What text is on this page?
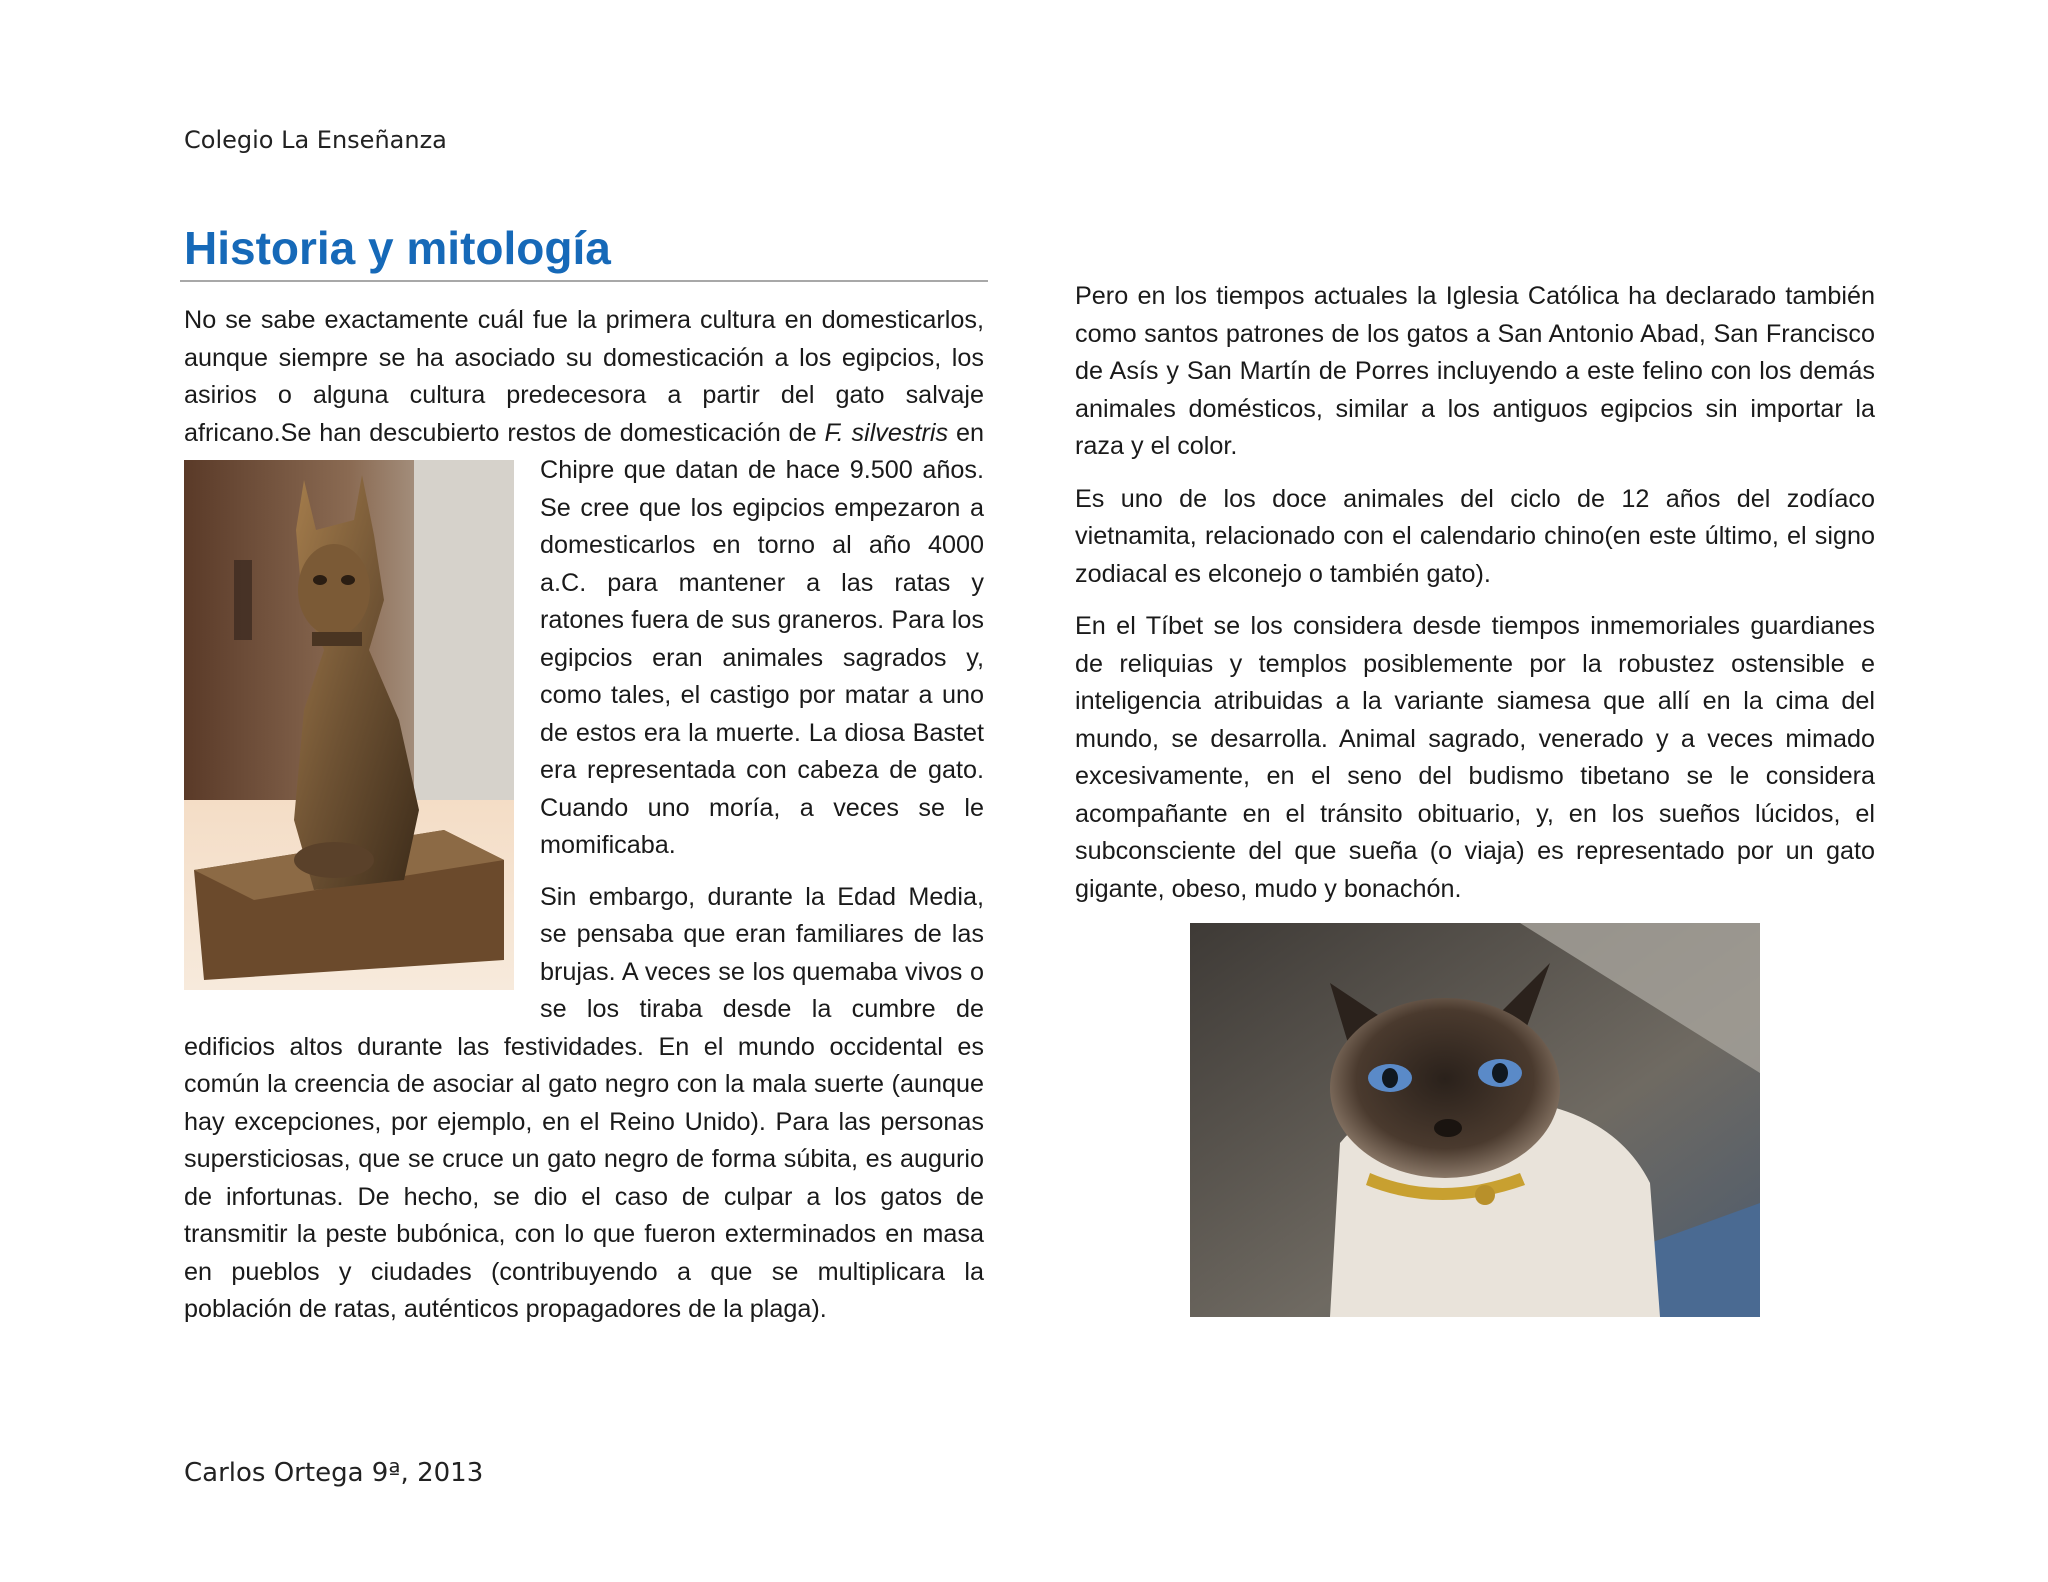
Colegio La Enseñanza
Historia y mitología

No se sabe exactamente cuál fue la primera cultura en domesticarlos, aunque siempre se ha asociado su domesticación a los egipcios, los asirios o alguna cultura predecesora a partir del gato salvaje africano.Se han descubierto restos de domesticación de
F. silvestris en Chipre que datan de hace 9.500 años. Se cree que los egipcios empezaron a domesticarlos en torno al año 4000 a.C. para mantener a las ratas y ratones fuera de sus graneros. Para los egipcios eran animales sagrados y, como tales, el castigo por matar a uno de estos era la muerte. La diosa Bastet era representada con cabeza de gato. Cuando uno moría, a veces se le momificaba.

Sin embargo, durante la Edad Media, se pensaba que eran familiares de las brujas. A veces se los quemaba vivos o se los tiraba desde la cumbre de edificios altos durante las festividades. En el mundo occidental es común la creencia de asociar al gato negro con la mala suerte (aunque hay excepciones, por ejemplo, en el Reino Unido). Para las personas supersticiosas, que se cruce un gato negro de forma súbita, es augurio de infortunas. De hecho, se dio el caso de culpar a los gatos de transmitir la peste bubónica, con lo que fueron exterminados en masa en pueblos y ciudades (contribuyendo a que se multiplicara la población de ratas, auténticos propagadores de la plaga).

Pero en los tiempos actuales la Iglesia Católica ha declarado también como santos patrones de los gatos a San Antonio Abad, San Francisco de Asís y San Martín de Porres incluyendo a este felino con los demás animales domésticos, similar a los antiguos egipcios sin importar la raza y el color.

Es uno de los doce animales del ciclo de 12 años del zodíaco vietnamita, relacionado con el calendario chino(en este último, el signo zodiacal es elconejo o también gato).

En el Tíbet se los considera desde tiempos inmemoriales guardianes de reliquias y templos posiblemente por la robustez ostensible e inteligencia atribuidas a la variante siamesa que allí en la cima del mundo, se desarrolla. Animal sagrado, venerado y a veces mimado excesivamente, en el seno del budismo tibetano se le considera acompañante en el tránsito obituario, y, en los sueños lúcidos, el subconsciente del que sueña (o viaja) es representado por un gato gigante, obeso, mudo y bonachón.

Carlos Ortega 9ª, 2013
